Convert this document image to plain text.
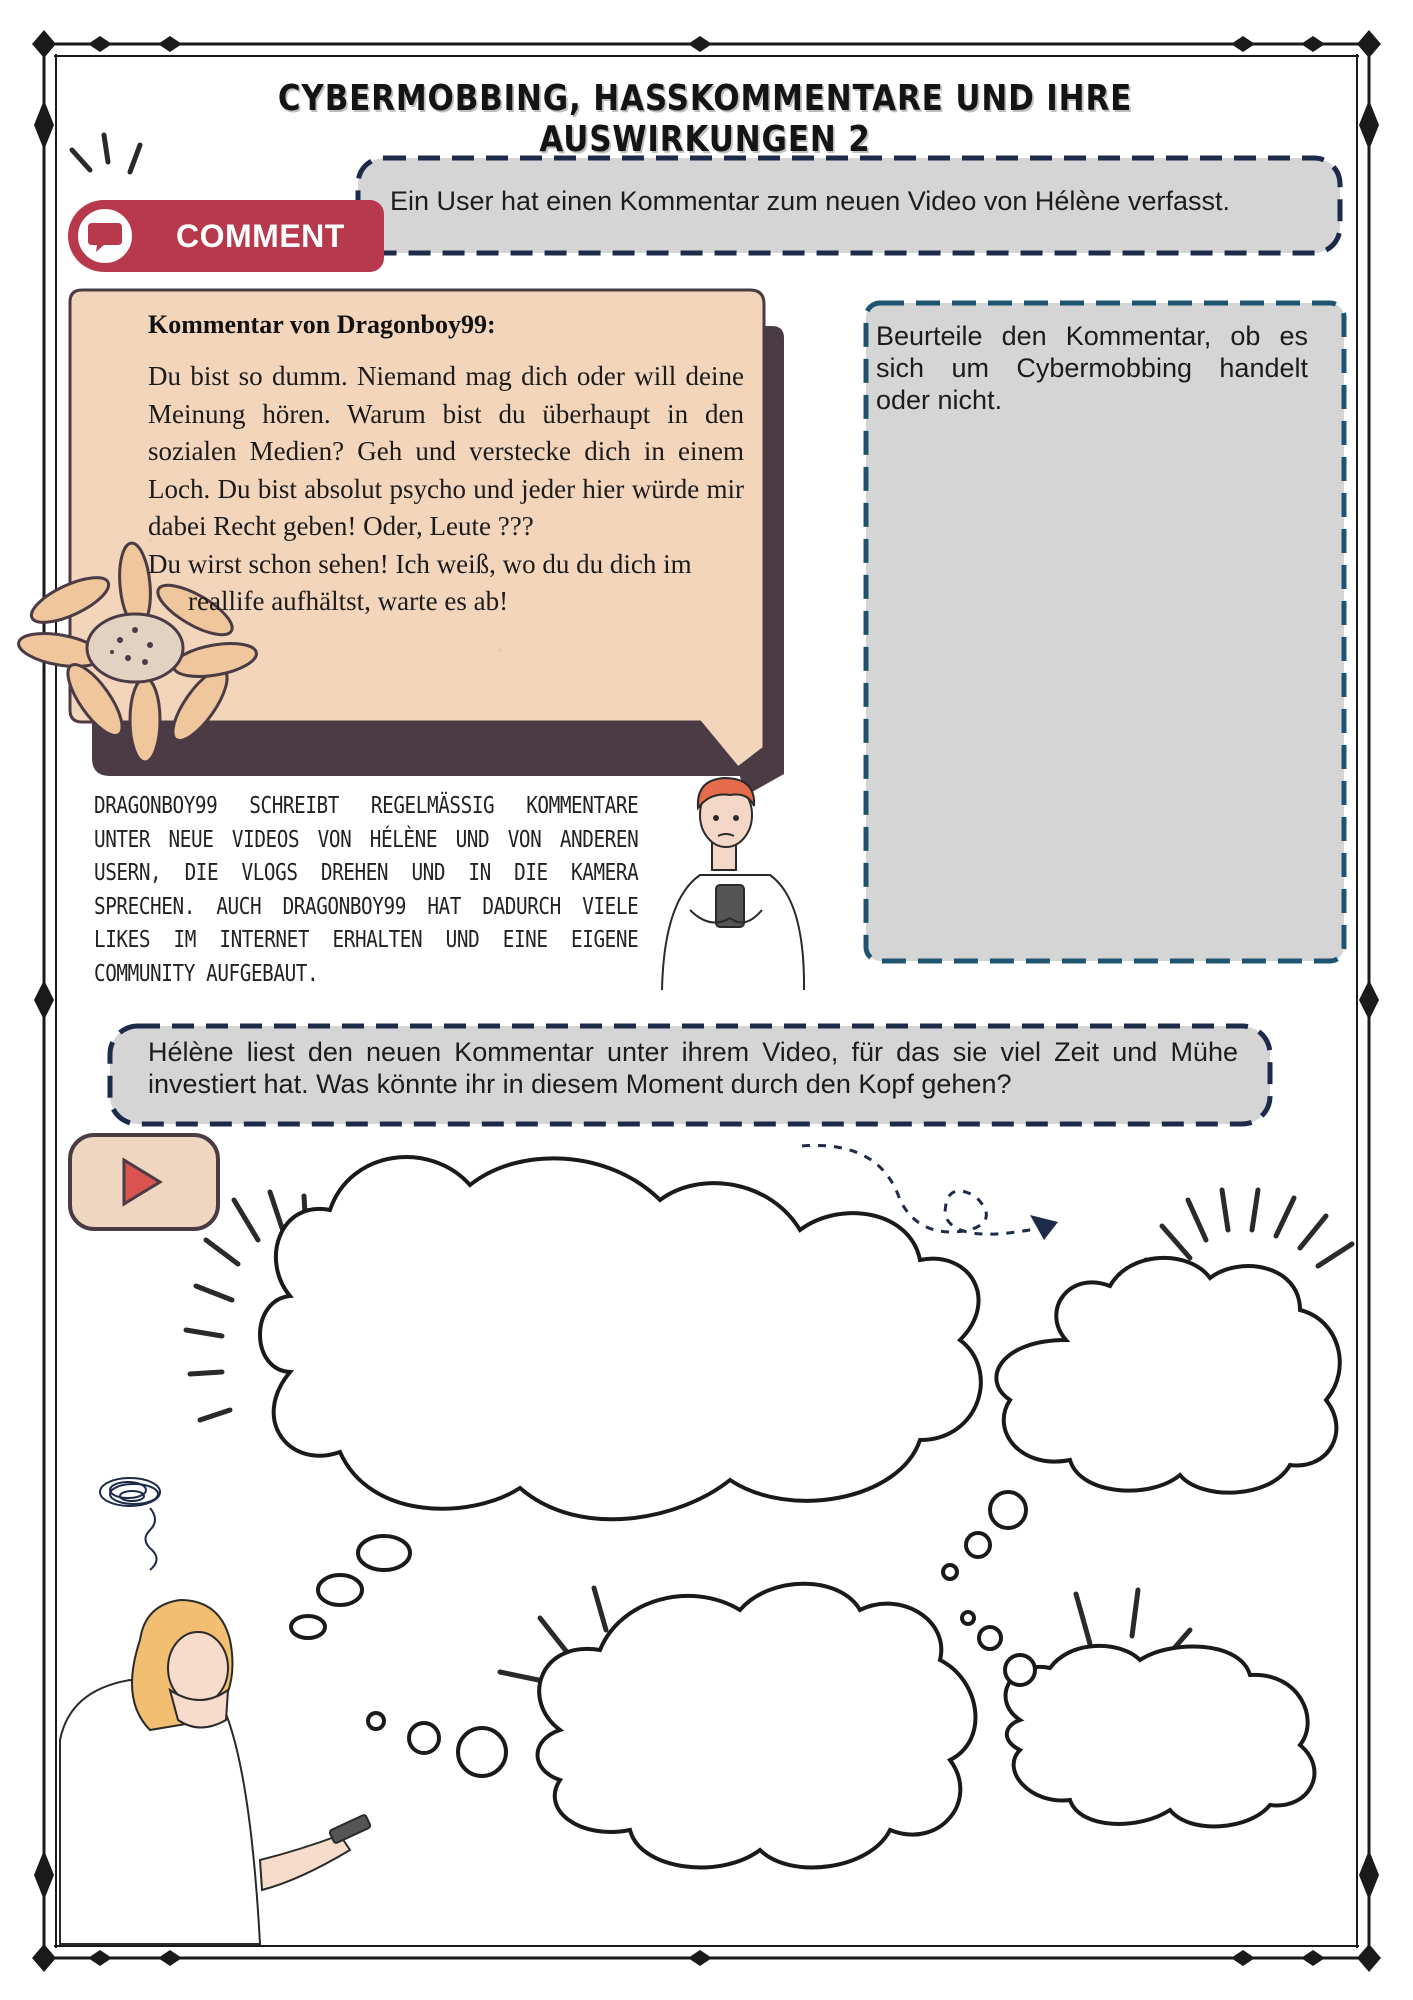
CYBERMOBBING, HASSKOMMENTARE UND IHRE AUSWIRKUNGEN 2
COMMENT
Ein User hat einen Kommentar zum neuen Video von Hélène verfasst.
Kommentar von Dragonboy99:
Du bist so dumm. Niemand mag dich oder will deine Meinung hören. Warum bist du überhaupt in den sozialen Medien? Geh und verstecke dich in einem Loch. Du bist absolut psycho und jeder hier würde mir dabei Recht geben! Oder, Leute ???
Du wirst schon sehen! Ich weiß, wo du du dich im
reallife aufhältst, warte es ab!
Beurteile den Kommentar, ob es sich um Cybermobbing handelt oder nicht.
DRAGONBOY99 SCHREIBT REGELMÄSSIG KOMMENTARE UNTER NEUE VIDEOS VON HÉLÈNE UND VON ANDEREN USERN, DIE VLOGS DREHEN UND IN DIE KAMERA SPRECHEN. AUCH DRAGONBOY99 HAT DADURCH VIELE LIKES IM INTERNET ERHALTEN UND EINE EIGENE COMMUNITY AUFGEBAUT.
Hélène liest den neuen Kommentar unter ihrem Video, für das sie viel Zeit und Mühe investiert hat. Was könnte ihr in diesem Moment durch den Kopf gehen?
